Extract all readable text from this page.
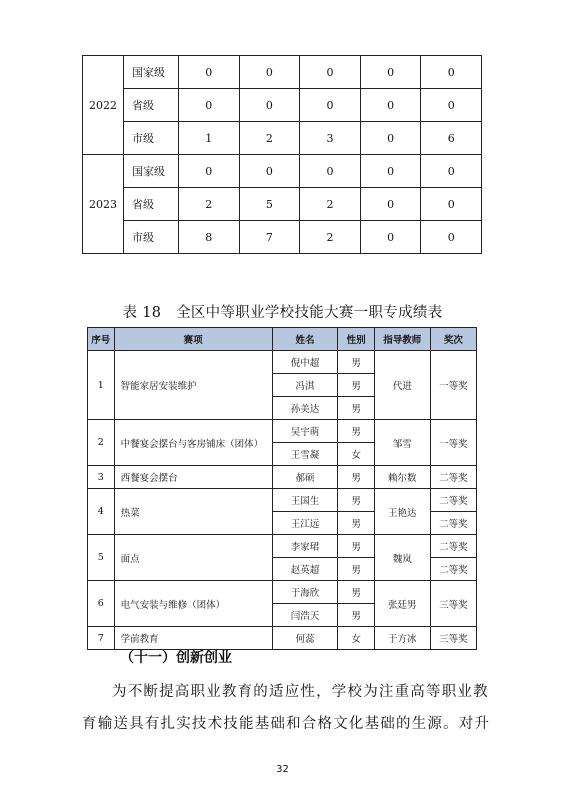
2022	国家级	0	0	0	0	0
	省级	0	0	0	0	0
	市级	1	2	3	0	6
2023	国家级	0	0	0	0	0
	省级	2	5	2	0	0
	市级	8	7	2	0	0
表 18　全区中等职业学校技能大赛一职专成绩表
序号	赛项	姓名	性别	指导教师	奖次
1	智能家居安装维护	倪中超	男	代进	一等奖
		冯淇	男		
		孙美达	男		
2	中餐宴会摆台与客房铺床（团体）	吴宇萌	男	邹雪	一等奖
		王雪凝	女		
3	西餐宴会摆台	郝硕	男	赖尔数	二等奖
4	热菜	王国生	男	王艳达	二等奖
		王江远	男		二等奖
5	面点	李家珺	男	魏岚	二等奖
		赵英超	男		二等奖
6	电气安装与维修（团体）	于海欣	男	张廷男	三等奖
		闫浩天	男		
7	学前教育	何蕊	女	于方冰	三等奖
（十一）创新创业
为不断提高职业教育的适应性，学校为注重高等职业教
育输送具有扎实技术技能基础和合格文化基础的生源。对升
32
